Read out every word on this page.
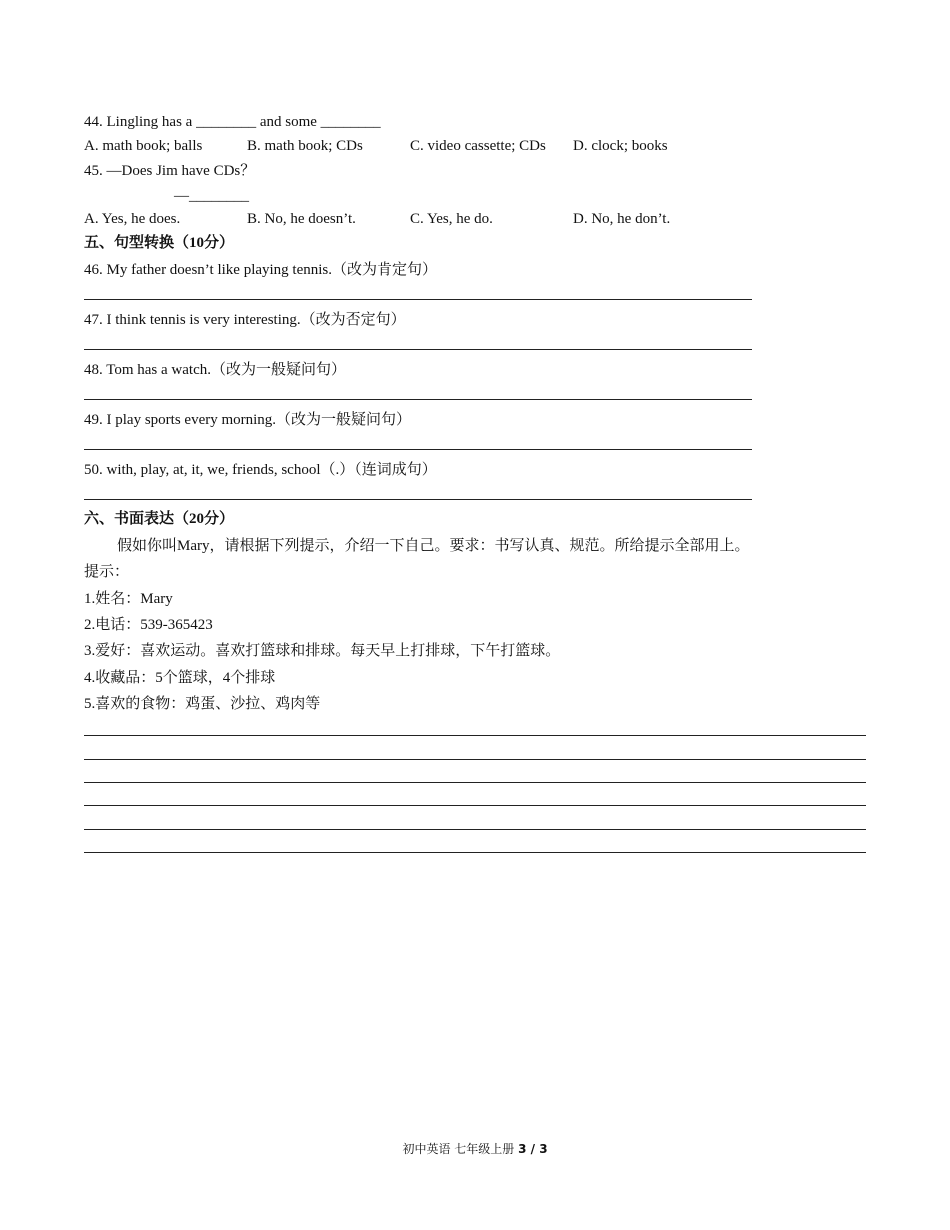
44. Lingling has a ________ and some ________
A. math book; balls	B. math book; CDs	C. video cassette; CDs D. clock; books
45. —Does Jim have CDs？
—________
A. Yes, he does.	B. No, he doesn’t.	C. Yes, he do.	D. No, he don’t.
五、句型转换（10分）
46. My father doesn’t like playing tennis.（改为肯定句）
47. I think tennis is very interesting.（改为否定句）
48. Tom has a watch.（改为一般疑问句）
49. I play sports every morning.（改为一般疑问句）
50. with, play, at, it, we, friends, school（.）（连词成句）
六、书面表达（20分）
假如你叫Mary，请根据下列提示，介绍一下自己。要求：书写认真、规范。所给提示全部用上。
提示：
1.姓名：Mary
2.电话：539-365423
3.爱好：喜欢运动。喜欢打篮球和排球。每天早上打排球，下午打篮球。
4.收藏品：5个篮球，4个排球
5.喜欢的食物：鸡蛋、沙拉、鸡肉等
初中英语 七年级上册 3 / 3
